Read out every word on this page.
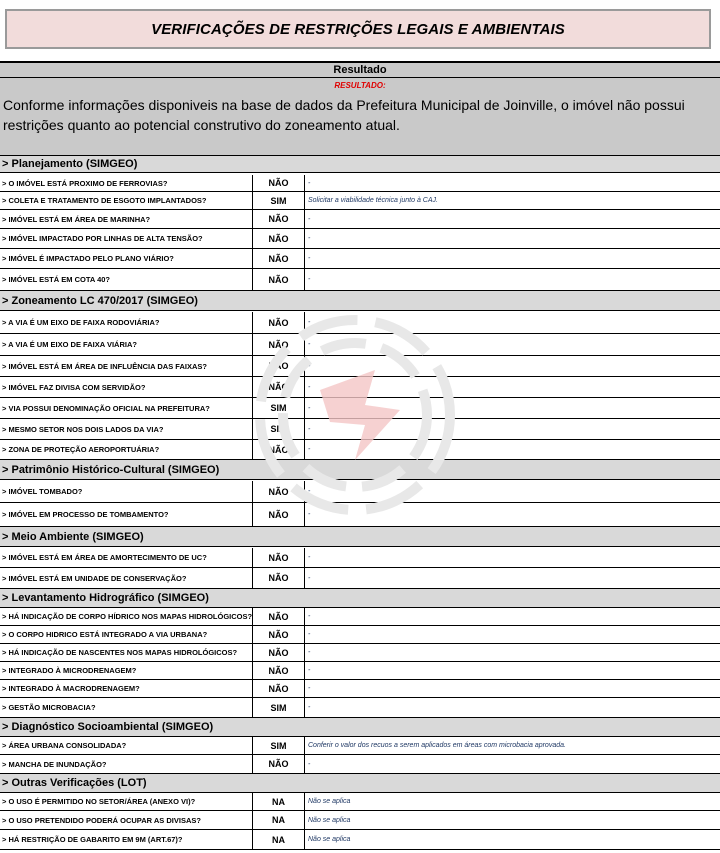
VERIFICAÇÕES DE RESTRIÇÕES LEGAIS E AMBIENTAIS
Resultado
RESULTADO:
Conforme informações disponiveis na base de dados da Prefeitura Municipal de Joinville, o imóvel não possui restrições quanto ao potencial construtivo do zoneamento atual.
> Planejamento (SIMGEO)
> O IMÓVEL ESTÁ PROXIMO DE FERROVIAS?	NÃO	-
> COLETA E TRATAMENTO DE ESGOTO IMPLANTADOS?	SIM	Solicitar a viabilidade técnica junto à CAJ.
> IMÓVEL ESTÁ EM ÁREA DE MARINHA?	NÃO	-
> IMÓVEL IMPACTADO POR LINHAS DE ALTA TENSÃO?	NÃO	-
> IMÓVEL É IMPACTADO PELO PLANO VIÁRIO?	NÃO	-
> IMÓVEL ESTÁ EM COTA 40?	NÃO	-
> Zoneamento LC 470/2017 (SIMGEO)
> A VIA É UM EIXO DE FAIXA RODOVIÁRIA?	NÃO	-
> A VIA É UM EIXO DE FAIXA VIÁRIA?	NÃO	-
> IMÓVEL ESTÁ EM ÁREA DE INFLUÊNCIA DAS FAIXAS?	NÃO	-
> IMÓVEL FAZ DIVISA COM SERVIDÃO?	NÃO	-
> VIA POSSUI DENOMINAÇÃO OFICIAL NA PREFEITURA?	SIM	-
> MESMO SETOR NOS DOIS LADOS DA VIA?	SIM	-
> ZONA DE PROTEÇÃO AEROPORTUÁRIA?	NÃO	-
> Patrimônio Histórico-Cultural (SIMGEO)
> IMÓVEL TOMBADO?	NÃO	-
> IMÓVEL EM PROCESSO DE TOMBAMENTO?	NÃO	-
> Meio Ambiente (SIMGEO)
> IMÓVEL ESTÁ EM ÁREA DE AMORTECIMENTO DE UC?	NÃO	-
> IMÓVEL ESTÁ EM UNIDADE DE CONSERVAÇÃO?	NÃO	-
> Levantamento Hidrográfico (SIMGEO)
> HÁ INDICAÇÃO DE CORPO HÍDRICO NOS MAPAS HIDROLÓGICOS?	NÃO	-
> O CORPO HIDRICO ESTÁ INTEGRADO A VIA URBANA?	NÃO	-
> HÁ INDICAÇÃO DE NASCENTES NOS MAPAS HIDROLÓGICOS?	NÃO	-
> INTEGRADO À MICRODRENAGEM?	NÃO	-
> INTEGRADO À MACRODRENAGEM?	NÃO	-
> GESTÃO MICROBACIA?	SIM	-
> Diagnóstico Socioambiental (SIMGEO)
> ÁREA URBANA CONSOLIDADA?	SIM	Conferir o valor dos recuos a serem aplicados em áreas com microbacia aprovada.
> MANCHA DE INUNDAÇÃO?	NÃO	-
> Outras Verificações (LOT)
> O USO É PERMITIDO NO SETOR/ÁREA (ANEXO VI)?	NA	Não se aplica
> O USO PRETENDIDO PODERÁ OCUPAR AS DIVISAS?	NA	Não se aplica
> HÁ RESTRIÇÃO DE GABARITO EM 9M (ART.67)?	NA	Não se aplica
